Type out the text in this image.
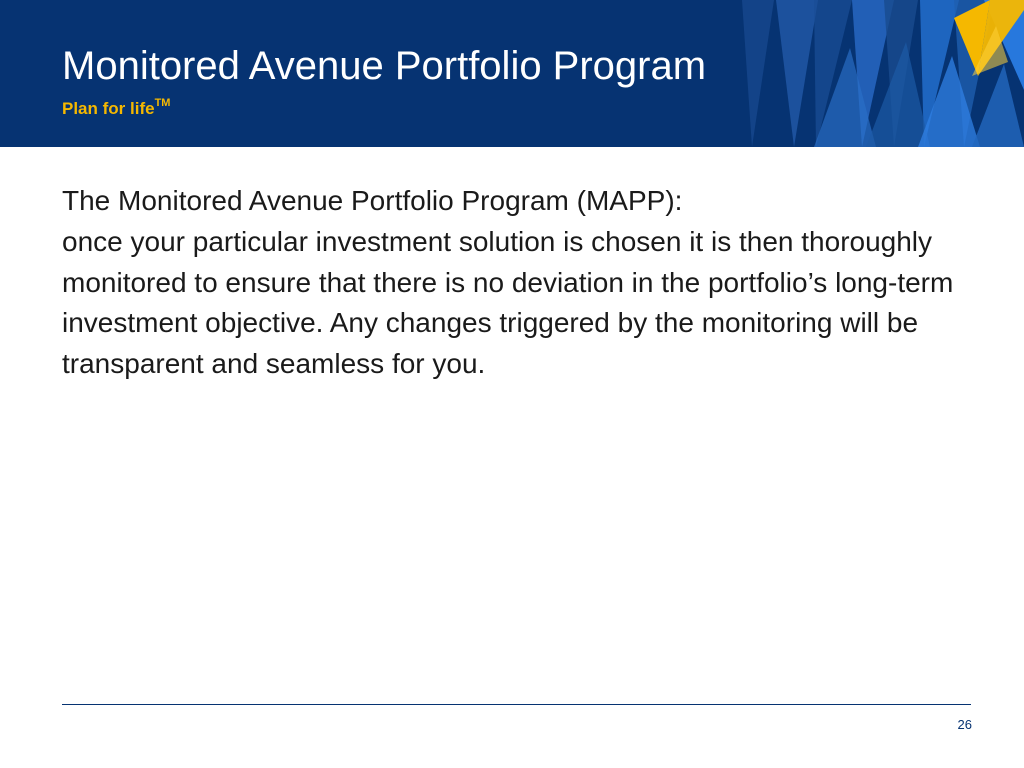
Monitored Avenue Portfolio Program
Plan for life™

The Monitored Avenue Portfolio Program (MAPP):

once your particular investment solution is chosen it is then thoroughly monitored to ensure that there is no deviation in the portfolio’s long-term investment objective. Any changes triggered by the monitoring will be transparent and seamless for you.

26
